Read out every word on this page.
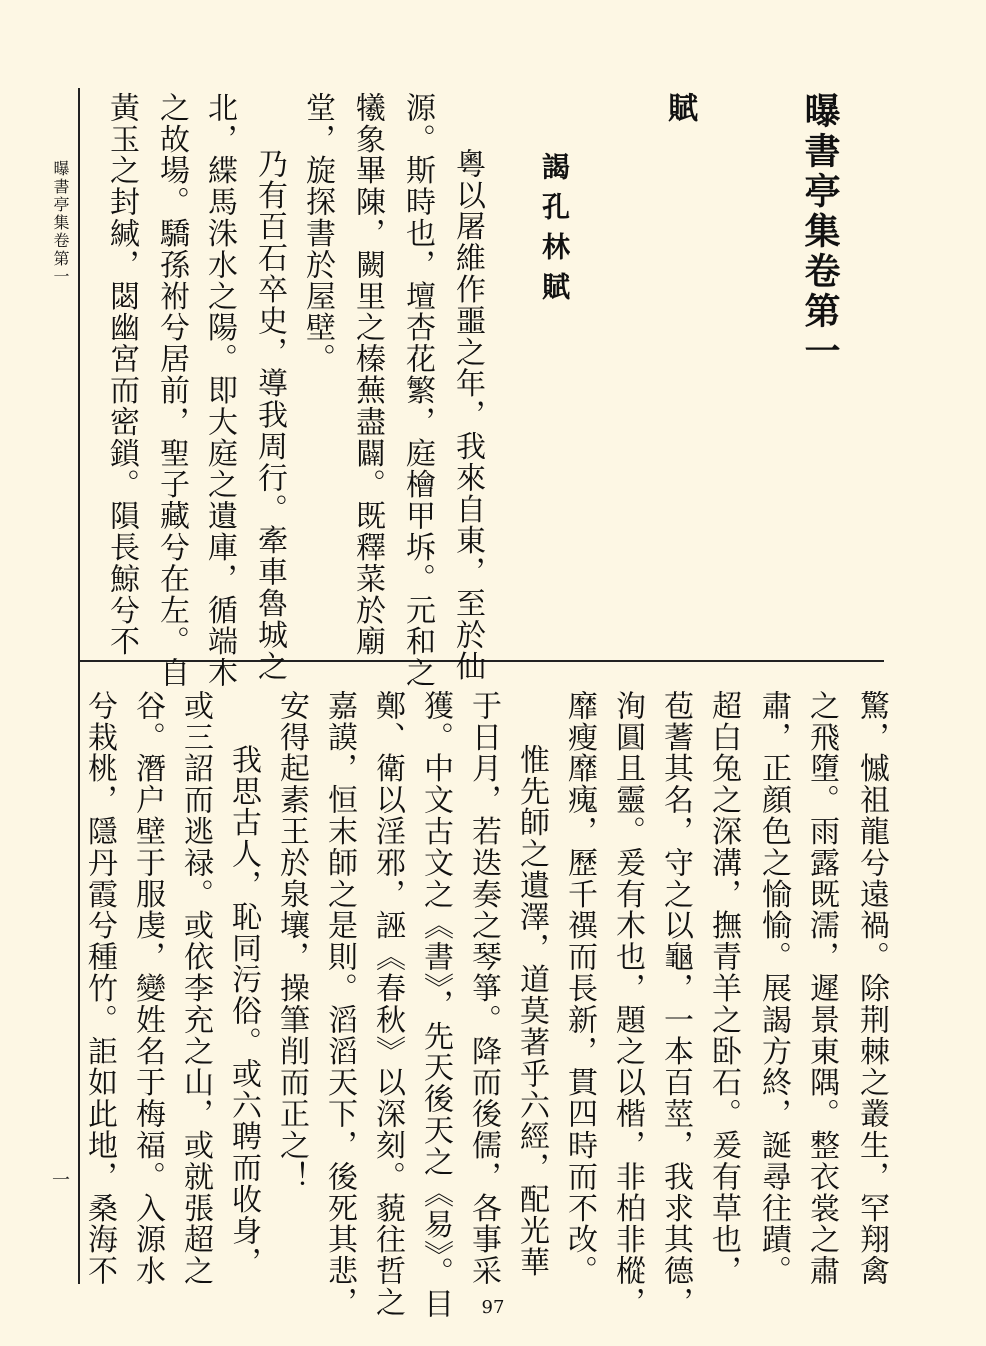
曝書亭集卷第一
一
曝書亭集卷第一
賦
謁孔林賦
粵以屠維作噩之年，我來自東，至於仙
源。斯時也，壇杏花繁，庭檜甲坼。元和之
犧象畢陳，闕里之榛蕪盡闢。既釋菜於廟
堂，旋探書於屋壁。
乃有百石卒史，導我周行。牽車魯城之
北，緤馬洙水之陽。即大庭之遺庫，循端木
之故場。驕孫袝兮居前，聖子藏兮在左。自
黃玉之封緘，閟幽宮而密鎖。隕長鯨兮不
驚，慽祖龍兮遠禍。除荆棘之叢生，罕翔禽
之飛墮。雨露既濡，遲景東隅。整衣裳之肅
肅，正顔色之愉愉。展謁方終，誕尋往蹟。
超白兔之深溝，撫青羊之卧石。爰有草也，
苞蓍其名，守之以龜，一本百莖，我求其德，
洵圓且靈。爰有木也，題之以楷，非柏非樅，
靡瘦靡瘣，歷千禩而長新，貫四時而不改。
惟先師之遺澤，道莫著乎六經，配光華
于日月，若迭奏之琴箏。降而後儒，各事采
獲。中文古文之《書》，先天後天之《易》。目
鄭、衛以淫邪，誣《春秋》以深刻。藐往哲之
嘉謨，恒末師之是則。滔滔天下，後死其悲，
安得起素王於泉壤，操筆削而正之！
我思古人，恥同污俗。或六聘而收身，
或三詔而逃禄。或依李充之山，或就張超之
谷。潛户壁于服虔，變姓名于梅福。入源水
兮栽桃，隱丹霞兮種竹。詎如此地，桑海不
97
